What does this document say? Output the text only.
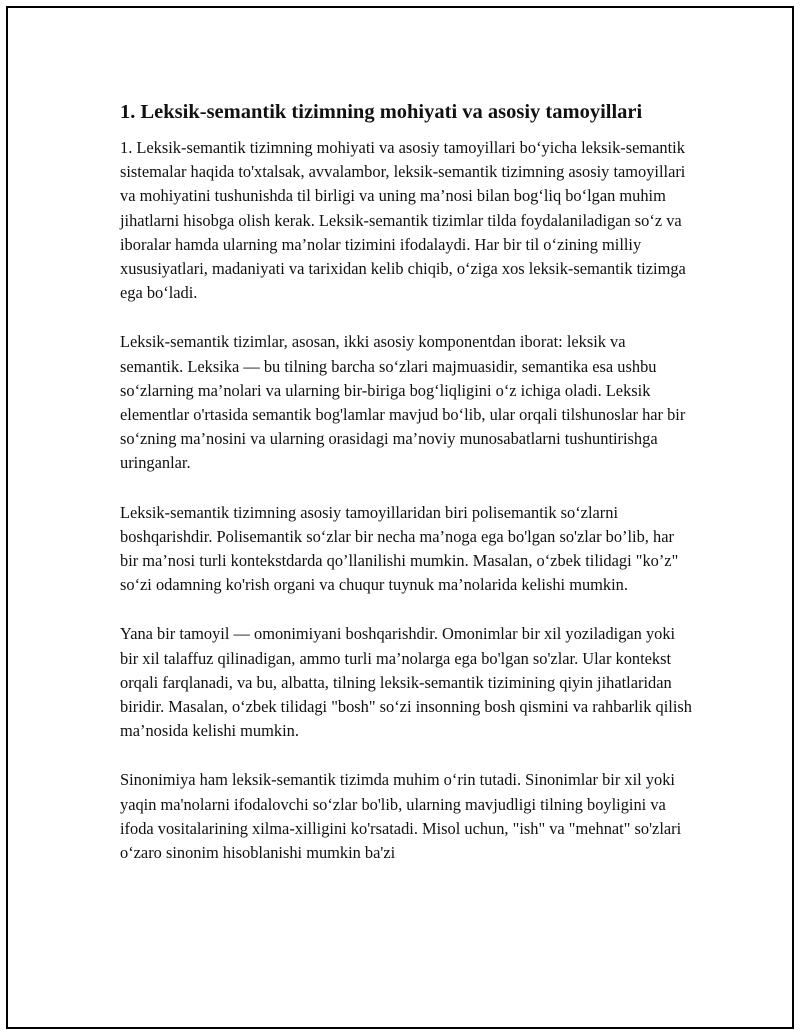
1. Leksik-semantik tizimning mohiyati va asosiy tamoyillari

1. Leksik-semantik tizimning mohiyati va asosiy tamoyillari bo‘yicha leksik-semantik sistemalar haqida to'xtalsak, avvalambor, leksik-semantik tizimning asosiy tamoyillari va mohiyatini tushunishda til birligi va uning ma’nosi bilan bog‘liq bo‘lgan muhim jihatlarni hisobga olish kerak. Leksik-semantik tizimlar tilda foydalaniladigan so‘z va iboralar hamda ularning ma’nolar tizimini ifodalaydi. Har bir til o‘zining milliy xususiyatlari, madaniyati va tarixidan kelib chiqib, o‘ziga xos leksik-semantik tizimga ega bo‘ladi.

Leksik-semantik tizimlar, asosan, ikki asosiy komponentdan iborat: leksik va semantik. Leksika — bu tilning barcha so‘zlari majmuasidir, semantika esa ushbu so‘zlarning ma’nolari va ularning bir-biriga bog‘liqligini o‘z ichiga oladi. Leksik elementlar o'rtasida semantik bog'lamlar mavjud bo‘lib, ular orqali tilshunoslar har bir so‘zning ma’nosini va ularning orasidagi ma’noviy munosabatlarni tushuntirishga uringanlar.

Leksik-semantik tizimning asosiy tamoyillaridan biri polisemantik so‘zlarni boshqarishdir. Polisemantik so‘zlar bir necha ma’noga ega bo'lgan so'zlar bo’lib, har bir ma’nosi turli kontekstdarda qo’llanilishi mumkin. Masalan, o‘zbek tilidagi "ko’z" so‘zi odamning ko'rish organi va chuqur tuynuk ma’nolarida kelishi mumkin.

Yana bir tamoyil — omonimiyani boshqarishdir. Omonimlar bir xil yoziladigan yoki bir xil talaffuz qilinadigan, ammo turli ma’nolarga ega bo'lgan so'zlar. Ular kontekst orqali farqlanadi, va bu, albatta, tilning leksik-semantik tizimining qiyin jihatlaridan biridir. Masalan, o‘zbek tilidagi "bosh" so‘zi insonning bosh qismini va rahbarlik qilish ma’nosida kelishi mumkin.

Sinonimiya ham leksik-semantik tizimda muhim o‘rin tutadi. Sinonimlar bir xil yoki yaqin ma'nolarni ifodalovchi so‘zlar bo'lib, ularning mavjudligi tilning boyligini va ifoda vositalarining xilma-xilligini ko'rsatadi. Misol uchun, "ish" va "mehnat" so'zlari o‘zaro sinonim hisoblanishi mumkin ba'zi
